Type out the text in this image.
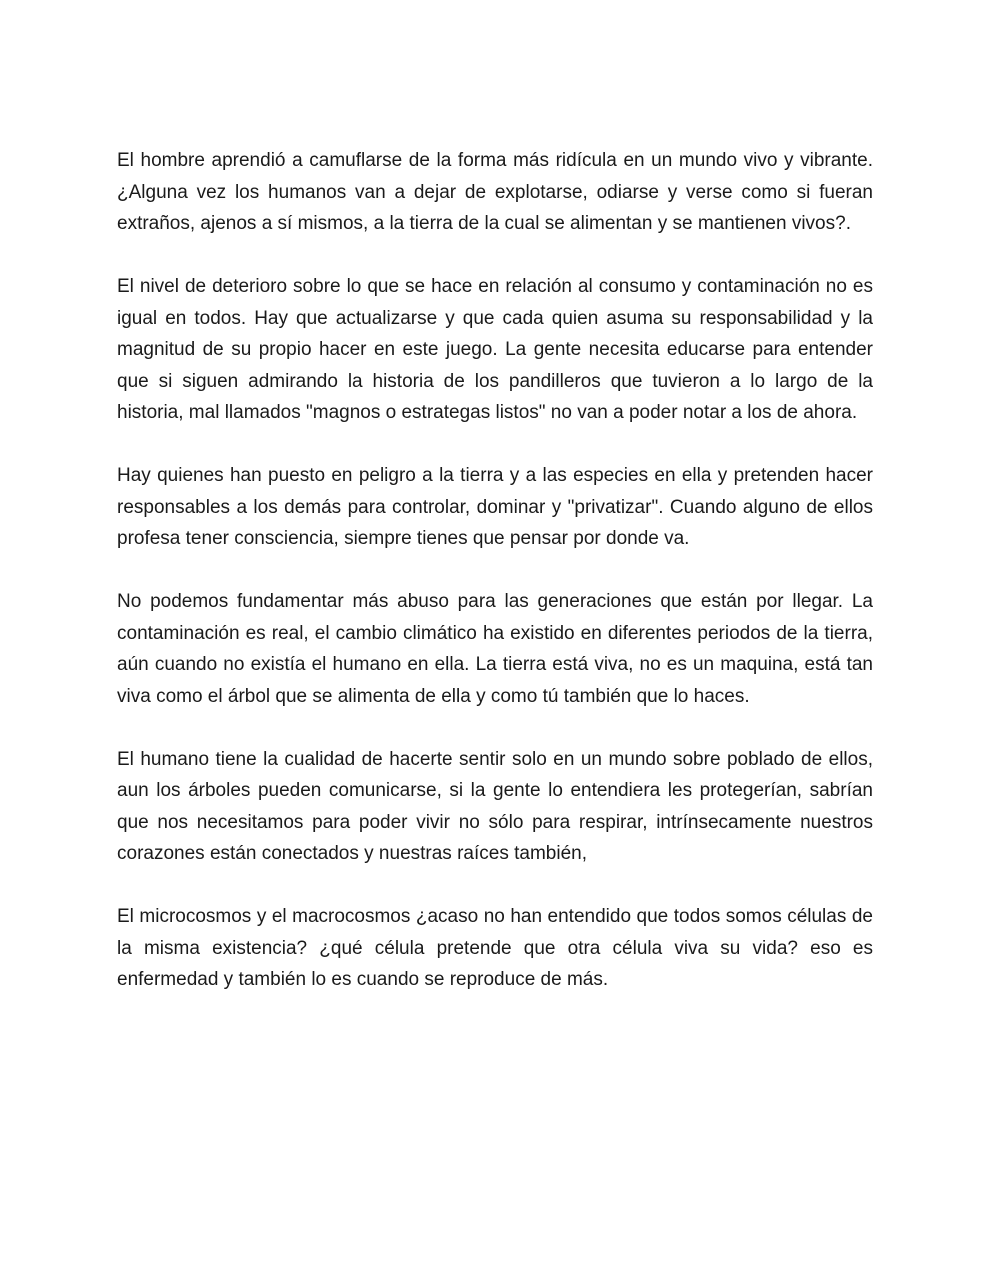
El hombre aprendió a camuflarse de la forma más ridícula en un mundo vivo y vibrante. ¿Alguna vez los humanos van a dejar de explotarse, odiarse y verse como si fueran extraños, ajenos a sí mismos, a la tierra de la cual se alimentan y se mantienen vivos?.

El nivel de deterioro sobre lo que se hace en relación al consumo y contaminación no es igual en todos. Hay que actualizarse y que cada quien asuma su responsabilidad y la magnitud de su propio hacer en este juego. La gente necesita educarse para entender que si siguen admirando la historia de los pandilleros que tuvieron a lo largo de la historia, mal llamados "magnos o estrategas listos" no van a poder notar a los de ahora.

Hay quienes han puesto en peligro a la tierra y a las especies en ella y pretenden hacer responsables a los demás para controlar, dominar y "privatizar". Cuando alguno de ellos profesa tener consciencia, siempre tienes que pensar por donde va.

No podemos fundamentar más abuso para las generaciones que están por llegar. La contaminación es real, el cambio climático ha existido en diferentes periodos de la tierra, aún cuando no existía el humano en ella. La tierra está viva, no es un maquina, está tan viva como el árbol que se alimenta de ella y como tú también que lo haces.

El humano tiene la cualidad de hacerte sentir solo en un mundo sobre poblado de ellos, aun los árboles pueden comunicarse, si la gente lo entendiera les protegerían, sabrían que nos necesitamos para poder vivir no sólo para respirar, intrínsecamente nuestros corazones están conectados y nuestras raíces también,

El microcosmos y el macrocosmos ¿acaso no han entendido que todos somos células de la misma existencia? ¿qué célula pretende que otra célula viva su vida? eso es enfermedad y también lo es cuando se reproduce de más.
